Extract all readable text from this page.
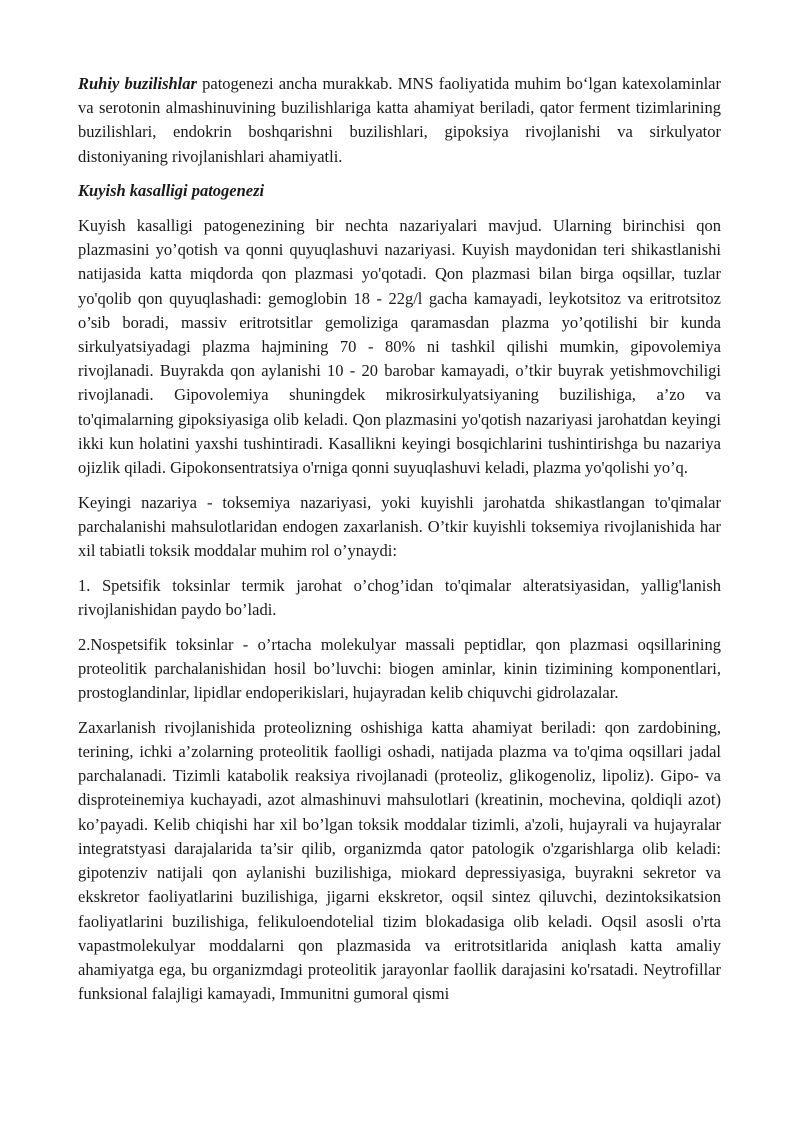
Ruhiy buzilishlar patogenezi ancha murakkab. MNS faoliyatida muhim bo‘lgan katexolaminlar va serotonin almashinuvining buzilishlariga katta ahamiyat beriladi, qator ferment tizimlarining buzilishlari, endokrin boshqarishni buzilishlari, gipoksiya rivojlanishi va sirkulyator distoniyaning rivojlanishlari ahamiyatli.

Kuyish kasalligi patogenezi

Kuyish kasalligi patogenezining bir nechta nazariyalari mavjud. Ularning birinchisi qon plazmasini yo’qotish va qonni quyuqlashuvi nazariyasi. Kuyish maydonidan teri shikastlanishi natijasida katta miqdorda qon plazmasi yo'qotadi. Qon plazmasi bilan birga oqsillar, tuzlar yo'qolib qon quyuqlashadi: gemoglobin 18 - 22g/l gacha kamayadi, leykotsitoz va eritrotsitoz o’sib boradi, massiv eritrotsitlar gemoliziga qaramasdan plazma yo’qotilishi bir kunda sirkulyatsiyadagi plazma hajmining 70 - 80% ni tashkil qilishi mumkin, gipovolemiya rivojlanadi. Buyrakda qon aylanishi 10 - 20 barobar kamayadi, o’tkir buyrak yetishmovchiligi rivojlanadi. Gipovolemiya shuningdek mikrosirkulyatsiyaning buzilishiga, a’zo va to'qimalarning gipoksiyasiga olib keladi. Qon plazmasini yo'qotish nazariyasi jarohatdan keyingi ikki kun holatini yaxshi tushintiradi. Kasallikni keyingi bosqichlarini tushintirishga bu nazariya ojizlik qiladi. Gipokonsentratsiya o'rniga qonni suyuqlashuvi keladi, plazma yo'qolishi yo’q.

Keyingi nazariya - toksemiya nazariyasi, yoki kuyishli jarohatda shikastlangan to'qimalar parchalanishi mahsulotlaridan endogen zaxarlanish. O’tkir kuyishli toksemiya rivojlanishida har xil tabiatli toksik moddalar muhim rol o’ynaydi:

1. Spetsifik toksinlar termik jarohat o’chog’idan to'qimalar alteratsiyasidan, yallig'lanish rivojlanishidan paydo bo’ladi.

2.Nospetsifik toksinlar - o’rtacha molekulyar massali peptidlar, qon plazmasi oqsillarining proteolitik parchalanishidan hosil bo’luvchi: biogen aminlar, kinin tizimining komponentlari, prostoglandinlar, lipidlar endoperikislari, hujayradan kelib chiquvchi gidrolazalar.

Zaxarlanish rivojlanishida proteolizning oshishiga katta ahamiyat beriladi: qon zardobining, terining, ichki a’zolarning proteolitik faolligi oshadi, natijada plazma va to'qima oqsillari jadal parchalanadi. Tizimli katabolik reaksiya rivojlanadi (proteoliz, glikogenoliz, lipoliz). Gipo- va disproteinemiya kuchayadi, azot almashinuvi mahsulotlari (kreatinin, mochevina, qoldiqli azot) ko’payadi. Kelib chiqishi har xil bo’lgan toksik moddalar tizimli, a'zoli, hujayrali va hujayralar integratstyasi darajalarida ta’sir qilib, organizmda qator patologik o'zgarishlarga olib keladi: gipotenziv natijali qon aylanishi buzilishiga, miokard depressiyasiga, buyrakni sekretor va ekskretor faoliyatlarini buzilishiga, jigarni ekskretor, oqsil sintez qiluvchi, dezintoksikatsion faoliyatlarini buzilishiga, felikuloendotelial tizim blokadasiga olib keladi. Oqsil asosli o'rta vapastmolekulyar moddalarni qon plazmasida va eritrotsitlarida aniqlash katta amaliy ahamiyatga ega, bu organizmdagi proteolitik jarayonlar faollik darajasini ko'rsatadi. Neytrofillar funksional falajligi kamayadi, Immunitni gumoral qismi
